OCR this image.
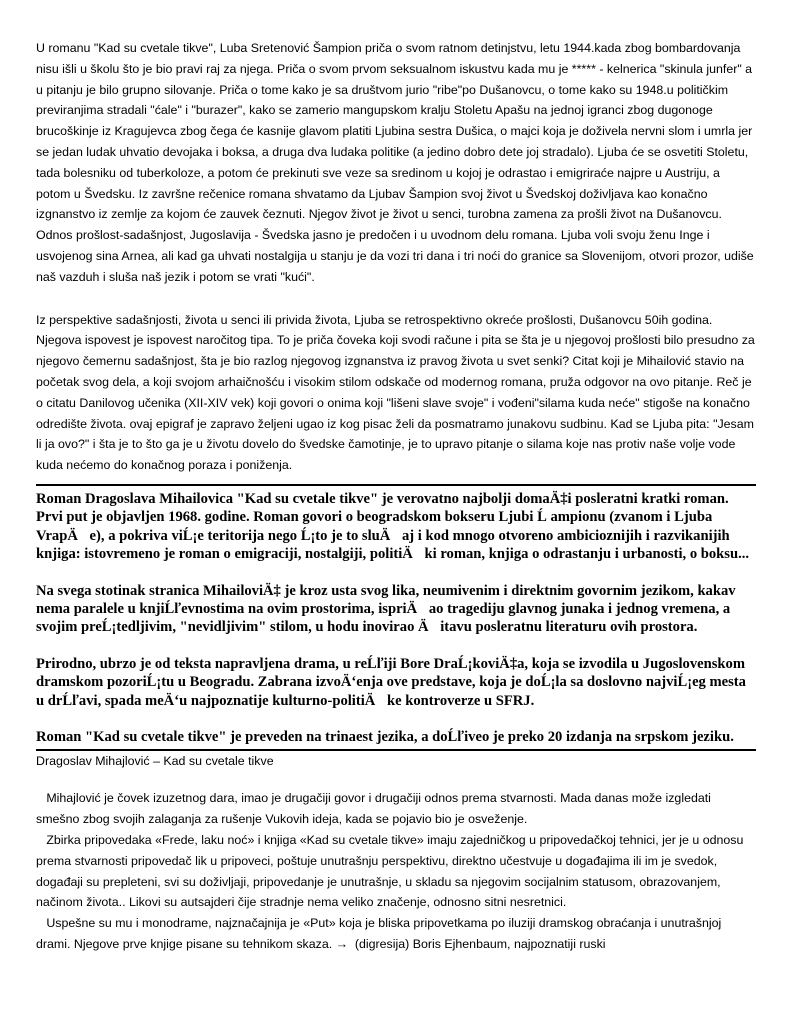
U romanu "Kad su cvetale tikve", Luba Sretenović Šampion priča o svom ratnom detinjstvu, letu 1944.kada zbog bombardovanja nisu išli u školu što je bio pravi raj za njega. Priča o svom prvom seksualnom iskustvu kada mu je ***** - kelnerica "skinula junfer" a u pitanju je bilo grupno silovanje. Priča o tome kako je sa društvom jurio "ribe"po Dušanovcu, o tome kako su 1948.u političkim previranjima stradali "ćale" i "burazer", kako se zamerio mangupskom kralju Stoletu Apašu na jednoj igranci zbog dugonoge brucoškinje iz Kragujevca zbog čega će kasnije glavom platiti Ljubina sestra Dušica, o majci koja je doživela nervni slom i umrla jer se jedan ludak uhvatio devojaka i boksa, a druga dva ludaka politike (a jedino dobro dete joj stradalo). Ljuba će se osvetiti Stoletu, tada bolesniku od tuberkoloze, a potom će prekinuti sve veze sa sredinom u kojoj je odrastao i emigriraće najpre u Austriju, a potom u Švedsku. Iz završne rečenice romana shvatamo da Ljubav Šampion svoj život u Švedskoj doživljava kao konačno izgnanstvo iz zemlje za kojom će zauvek čeznuti. Njegov život je život u senci, turobna zamena za prošli život na Dušanovcu. Odnos prošlost-sadašnjost, Jugoslavija - Švedska jasno je predočen i u uvodnom delu romana. Ljuba voli svoju ženu Inge i usvojenog sina Arnea, ali kad ga uhvati nostalgija u stanju je da vozi tri dana i tri noći do granice sa Slovenijom, otvori prozor, udiše naš vazduh i sluša naš jezik i potom se vrati "kući".

Iz perspektive sadašnjosti, života u senci ili privida života, Ljuba se retrospektivno okreće prošlosti, Dušanovcu 50ih godina. Njegova ispovest je ispovest naročitog tipa. To je priča čoveka koji svodi račune i pita se šta je u njegovoj prošlosti bilo presudno za njegovo čemernu sadašnjost, šta je bio razlog njegovog izgnanstva iz pravog života u svet senki? Citat koji je Mihailović stavio na početak svog dela, a koji svojom arhaičnošću i visokim stilom odskače od modernog romana, pruža odgovor na ovo pitanje. Reč je o citatu Danilovog učenika (XII-XIV vek) koji govori o onima koji "lišeni slave svoje" i vođeni"silama kuda neće" stigoše na konačno odredište života. ovaj epigraf je zapravo željeni ugao iz kog pisac želi da posmatramo junakovu sudbinu. Kad se Ljuba pita: "Jesam li ja ovo?" i šta je to što ga je u životu dovelo do švedske čamotinje, je to upravo pitanje o silama koje nas protiv naše volje vode kuda nećemo do konačnog poraza i poniženja.

Roman Dragoslava Mihailovica "Kad su cvetale tikve" je verovatno najbolji domaÄ‡i posleratni kratki roman. Prvi put je objavljen 1968. godine. Roman govori o beogradskom bokseru Ljubi Ĺ ampionu (zvanom i Ljuba VrapÄe), a pokriva viĹ¡e teritorija nego Ĺ¡to je to sluÄaj i kod mnogo otvoreno ambicioznijih i razvikanijih knjiga: istovremeno je roman o emigraciji, nostalgiji, politiÄki roman, knjiga o odrastanju i urbanosti, o boksu...

Na svega stotinak stranica MihailoviÄ‡ je kroz usta svog lika, neumivenim i direktnim govornim jezikom, kakav nema paralele u knjiĹľevnostima na ovim prostorima, ispriÄao tragediju glavnog junaka i jednog vremena, a svojim preĹ¡tedljivim, "nevidljivim" stilom, u hodu inovirao Äitavu posleratnu literaturu ovih prostora.

Prirodno, ubrzo je od teksta napravljena drama, u reĹľiji Bore DraĹ¡koviÄ‡a, koja se izvodila u Jugoslovenskom dramskom pozoriĹ¡tu u Beogradu. Zabrana izvoÄ‘enja ove predstave, koja je doĹ¡la sa doslovno najviĹ¡eg mesta u drĹľavi, spada meÄ‘u najpoznatije kulturno-politiÄke kontroverze u SFRJ.

Roman "Kad su cvetale tikve" je preveden na trinaest jezika, a doĹľiveo je preko 20 izdanja na srpskom jeziku.

Dragoslav Mihajlović – Kad su cvetale tikve

Mihajlović je čovek izuzetnog dara, imao je drugačiji govor i drugačiji odnos prema stvarnosti. Mada danas može izgledati smešno zbog svojih zalaganja za rušenje Vukovih ideja, kada se pojavio bio je osveženje.

Zbirka pripovedaka «Frede, laku noć» i knjiga «Kad su cvetale tikve» imaju zajedničkog u pripovedačkoj tehnici, jer je u odnosu prema stvarnosti pripovedač lik u pripoveci, poštuje unutrašnju perspektivu, direktno učestvuje u događajima ili im je svedok, događaji su prepleteni, svi su doživljaji, pripovedanje je unutrašnje, u skladu sa njegovim socijalnim statusom, obrazovanjem, načinom života.. Likovi su autsajderi čije stradnje nema veliko značenje, odnosno sitni nesretnici.

Uspešne su mu i monodrame, najznačajnija je «Put» koja je bliska pripovetkama po iluziji dramskog obraćanja i unutrašnjoj drami. Njegove prve knjige pisane su tehnikom skaza. →  (digresija) Boris Ejhenbaum, najpoznatiji ruski
